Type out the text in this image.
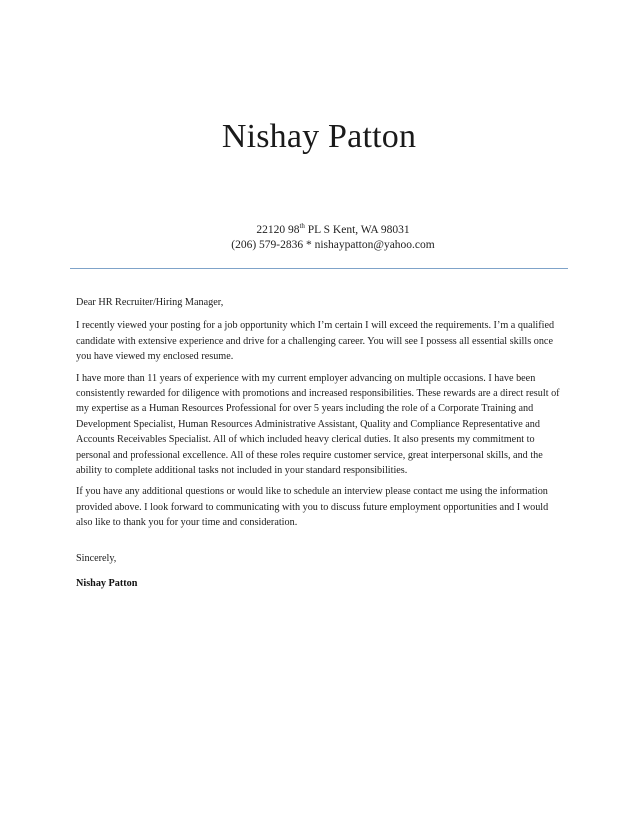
Nishay Patton
22120 98th PL S Kent, WA 98031
(206) 579-2836 * nishaypatton@yahoo.com

Dear HR Recruiter/Hiring Manager,

I recently viewed your posting for a job opportunity which I’m certain I will exceed the requirements. I’m a qualified candidate with extensive experience and drive for a challenging career. You will see I possess all essential skills once you have viewed my enclosed resume.

I have more than 11 years of experience with my current employer advancing on multiple occasions. I have been consistently rewarded for diligence with promotions and increased responsibilities. These rewards are a direct result of my expertise as a Human Resources Professional for over 5 years including the role of a Corporate Training and Development Specialist, Human Resources Administrative Assistant, Quality and Compliance Representative and Accounts Receivables Specialist. All of which included heavy clerical duties. It also presents my commitment to personal and professional excellence. All of these roles require customer service, great interpersonal skills, and the ability to complete additional tasks not included in your standard responsibilities.

If you have any additional questions or would like to schedule an interview please contact me using the information provided above. I look forward to communicating with you to discuss future employment opportunities and I would also like to thank you for your time and consideration.

Sincerely,
Nishay Patton
